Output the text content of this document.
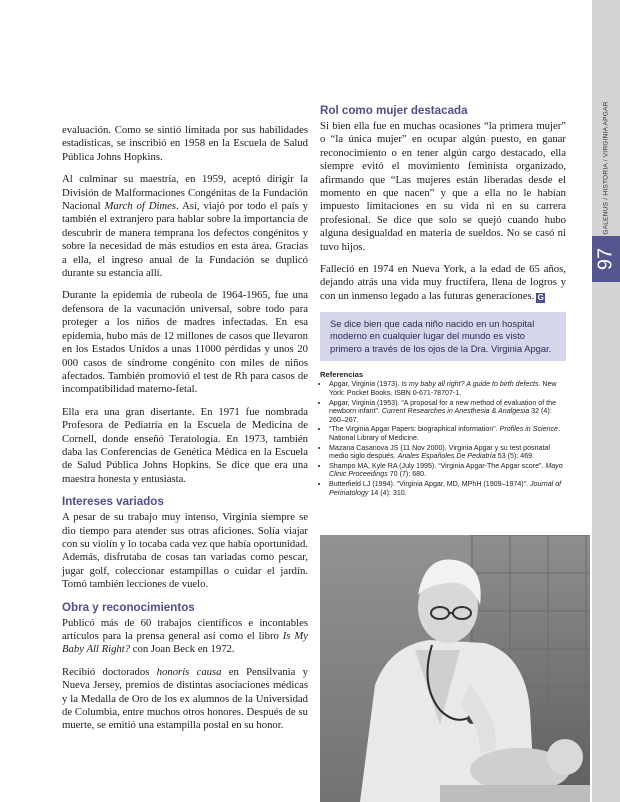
GALENUS / HISTORIA / VIRGINIA APGAR
97

evaluación. Como se sintió limitada por sus habilidades estadísticas, se inscribió en 1958 en la Escuela de Salud Pública Johns Hopkins.

Al culminar su maestría, en 1959, aceptó dirigir la División de Malformaciones Congénitas de la Fundación Nacional March of Dimes. Así, viajó por todo el país y también el extranjero para hablar sobre la importancia de descubrir de manera temprana los defectos congénitos y sobre la necesidad de más estudios en esta área. Gracias a ella, el ingreso anual de la Fundación se duplicó durante su estancia allí.

Durante la epidemia de rubeola de 1964-1965, fue una defensora de la vacunación universal, sobre todo para proteger a los niños de madres infectadas. En esa epidemia, hubo más de 12 millones de casos que llevaron en los Estados Unidos a unas 11000 pérdidas y unos 20 000 casos de síndrome congénito con miles de niños afectados. También promovió el test de Rh para casos de incompatibilidad materno-fetal.

Ella era una gran disertante. En 1971 fue nombrada Profesora de Pediatría en la Escuela de Medicina de Cornell, donde enseñó Teratología. En 1973, también daba las Conferencias de Genética Médica en la Escuela de Salud Pública Johns Hopkins. Se dice que era una maestra honesta y entusiasta.

Intereses variados

A pesar de su trabajo muy intenso, Virginia siempre se dio tiempo para atender sus otras aficiones. Solía viajar con su violín y lo tocaba cada vez que había oportunidad. Además, disfrutaba de cosas tan variadas como pescar, jugar golf, coleccionar estampillas o cuidar el jardín. Tomó también lecciones de vuelo.

Obra y reconocimientos

Publicó más de 60 trabajos científicos e incontables artículos para la prensa general así como el libro Is My Baby All Right? con Joan Beck en 1972.

Recibió doctorados honoris causa en Pensilvania y Nueva Jersey, premios de distintas asociaciones médicas y la Medalla de Oro de los ex alumnos de la Universidad de Columbia, entre muchos otros honores. Después de su muerte, se emitió una estampilla postal en su honor.

Rol como mujer destacada

Si bien ella fue en muchas ocasiones “la primera mujer” o “la única mujer” en ocupar algún puesto, en ganar reconocimiento o en tener algún cargo destacado, ella siempre evitó el movimiento feminista organizado, afirmando que “Las mujeres están liberadas desde el momento en que nacen” y que a ella no le habían impuesto limitaciones en su vida ni en su carrera profesional. Se dice que solo se quejó cuando hubo alguna desigualdad en materia de sueldos. No se casó ni tuvo hijos.

Falleció en 1974 en Nueva York, a la edad de 65 años, dejando atrás una vida muy fructífera, llena de logros y con un inmenso legado a las futuras generaciones. G

Se dice bien que cada niño nacido en un hospital moderno en cualquier lugar del mundo es visto primero a través de los ojos de la Dra. Virginia Apgar.
Referencias
• Apgar, Virginia (1973). Is my baby all right? A guide to birth defects. New York: Pocket Books. ISBN 0-671-78707-1.
• Apgar, Virginia (1953). “A proposal for a new method of evaluation of the newborn infant”. Current Researches in Anesthesia & Analgesia 32 (4): 260–267.
• “The Virginia Apgar Papers: biographical information”. Profiles in Science. National Library of Medicine.
• Mazana Casanova JS (11 Nov 2000). Virginia Apgar y su test posnatal medio siglo después. Anales Españoles De Pediatría 53 (5): 469.
• Shampo MA, Kyle RA (July 1995). “Virginia Apgar-The Apgar score”. Mayo Clinic Proceedings 70 (7): 680.
• Butterfield LJ (1994). “Virginia Apgar, MD, MPhH (1909–1974)”. Journal of Perinatology 14 (4): 310.
